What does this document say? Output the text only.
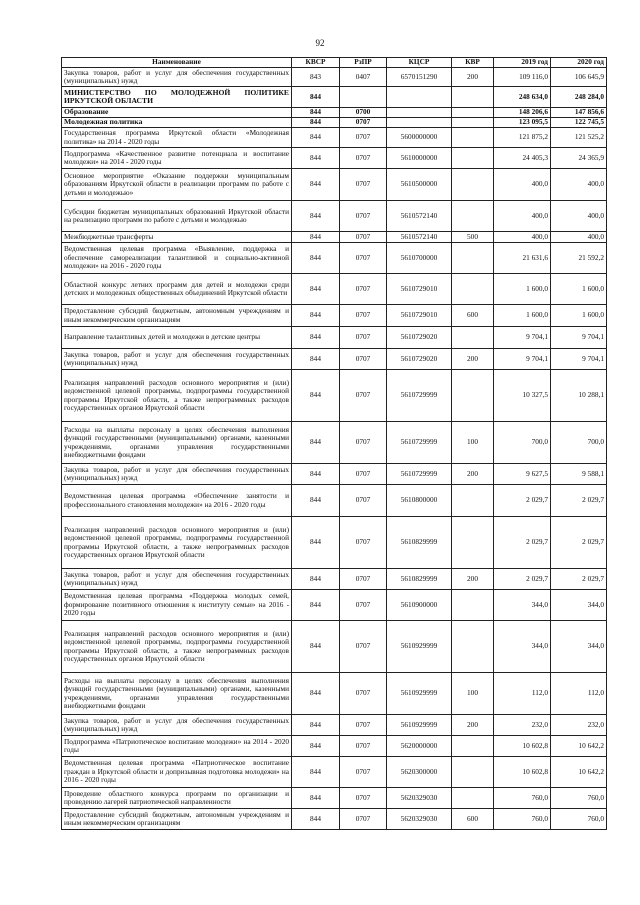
92
Наименование	КВСР	РзПР	КЦСР	КВР	2019 год	2020 год
Закупка товаров, работ и услуг для обеспечения государственных (муниципальных) нужд	843	0407	6570151290	200	109 116,0	106 645,9
МИНИСТЕРСТВО ПО МОЛОДЕЖНОЙ ПОЛИТИКЕ ИРКУТСКОЙ ОБЛАСТИ	844				248 634,0	248 284,0
Образование	844	0700			148 206,6	147 856,6
Молодежная политика	844	0707			123 095,5	122 745,5
Государственная программа Иркутской области «Молодежная политика» на 2014 - 2020 годы	844	0707	5600000000		121 875,2	121 525,2
Подпрограмма «Качественное развитие потенциала и воспитание молодежи» на 2014 - 2020 годы	844	0707	5610000000		24 405,3	24 365,9
Основное мероприятие «Оказание поддержки муниципальным образованиям Иркутской области в реализации программ по работе с детьми и молодежью»	844	0707	5610500000		400,0	400,0
Субсидии бюджетам муниципальных образований Иркутской области на реализацию программ по работе с детьми и молодежью	844	0707	5610572140		400,0	400,0
Межбюджетные трансферты	844	0707	5610572140	500	400,0	400,0
Ведомственная целевая программа «Выявление, поддержка и обеспечение самореализации талантливой и социально-активной молодежи» на 2016 - 2020 годы	844	0707	5610700000		21 631,6	21 592,2
Областной конкурс летних программ для детей и молодежи среди детских и молодежных общественных объединений Иркутской области	844	0707	5610729010		1 600,0	1 600,0
Предоставление субсидий бюджетным, автономным учреждениям и иным некоммерческим организациям	844	0707	5610729010	600	1 600,0	1 600,0
Направление талантливых детей и молодежи в детские центры	844	0707	5610729020		9 704,1	9 704,1
Закупка товаров, работ и услуг для обеспечения государственных (муниципальных) нужд	844	0707	5610729020	200	9 704,1	9 704,1
Реализация направлений расходов основного мероприятия и (или) ведомственной целевой программы, подпрограммы государственной программы Иркутской области, а также непрограммных расходов государственных органов Иркутской области	844	0707	5610729999		10 327,5	10 288,1
Расходы на выплаты персоналу в целях обеспечения выполнения функций государственными (муниципальными) органами, казенными учреждениями, органами управления государственными внебюджетными фондами	844	0707	5610729999	100	700,0	700,0
Закупка товаров, работ и услуг для обеспечения государственных (муниципальных) нужд	844	0707	5610729999	200	9 627,5	9 588,1
Ведомственная целевая программа «Обеспечение занятости и профессионального становления молодежи» на 2016 - 2020 годы	844	0707	5610800000		2 029,7	2 029,7
Реализация направлений расходов основного мероприятия и (или) ведомственной целевой программы, подпрограммы государственной программы Иркутской области, а также непрограммных расходов государственных органов Иркутской области	844	0707	5610829999		2 029,7	2 029,7
Закупка товаров, работ и услуг для обеспечения государственных (муниципальных) нужд	844	0707	5610829999	200	2 029,7	2 029,7
Ведомственная целевая программа «Поддержка молодых семей, формирование позитивного отношения к институту семьи» на 2016 - 2020 годы	844	0707	5610900000		344,0	344,0
Реализация направлений расходов основного мероприятия и (или) ведомственной целевой программы, подпрограммы государственной программы Иркутской области, а также непрограммных расходов государственных органов Иркутской области	844	0707	5610929999		344,0	344,0
Расходы на выплаты персоналу в целях обеспечения выполнения функций государственными (муниципальными) органами, казенными учреждениями, органами управления государственными внебюджетными фондами	844	0707	5610929999	100	112,0	112,0
Закупка товаров, работ и услуг для обеспечения государственных (муниципальных) нужд	844	0707	5610929999	200	232,0	232,0
Подпрограмма «Патриотическое воспитание молодежи» на 2014 - 2020 годы	844	0707	5620000000		10 602,8	10 642,2
Ведомственная целевая программа «Патриотическое воспитание граждан в Иркутской области и допризывная подготовка молодежи» на 2016 - 2020 годы	844	0707	5620300000		10 602,8	10 642,2
Проведение областного конкурса программ по организации и проведению лагерей патриотической направленности	844	0707	5620329030		760,0	760,0
Предоставление субсидий бюджетным, автономным учреждениям и иным некоммерческим организациям	844	0707	5620329030	600	760,0	760,0
